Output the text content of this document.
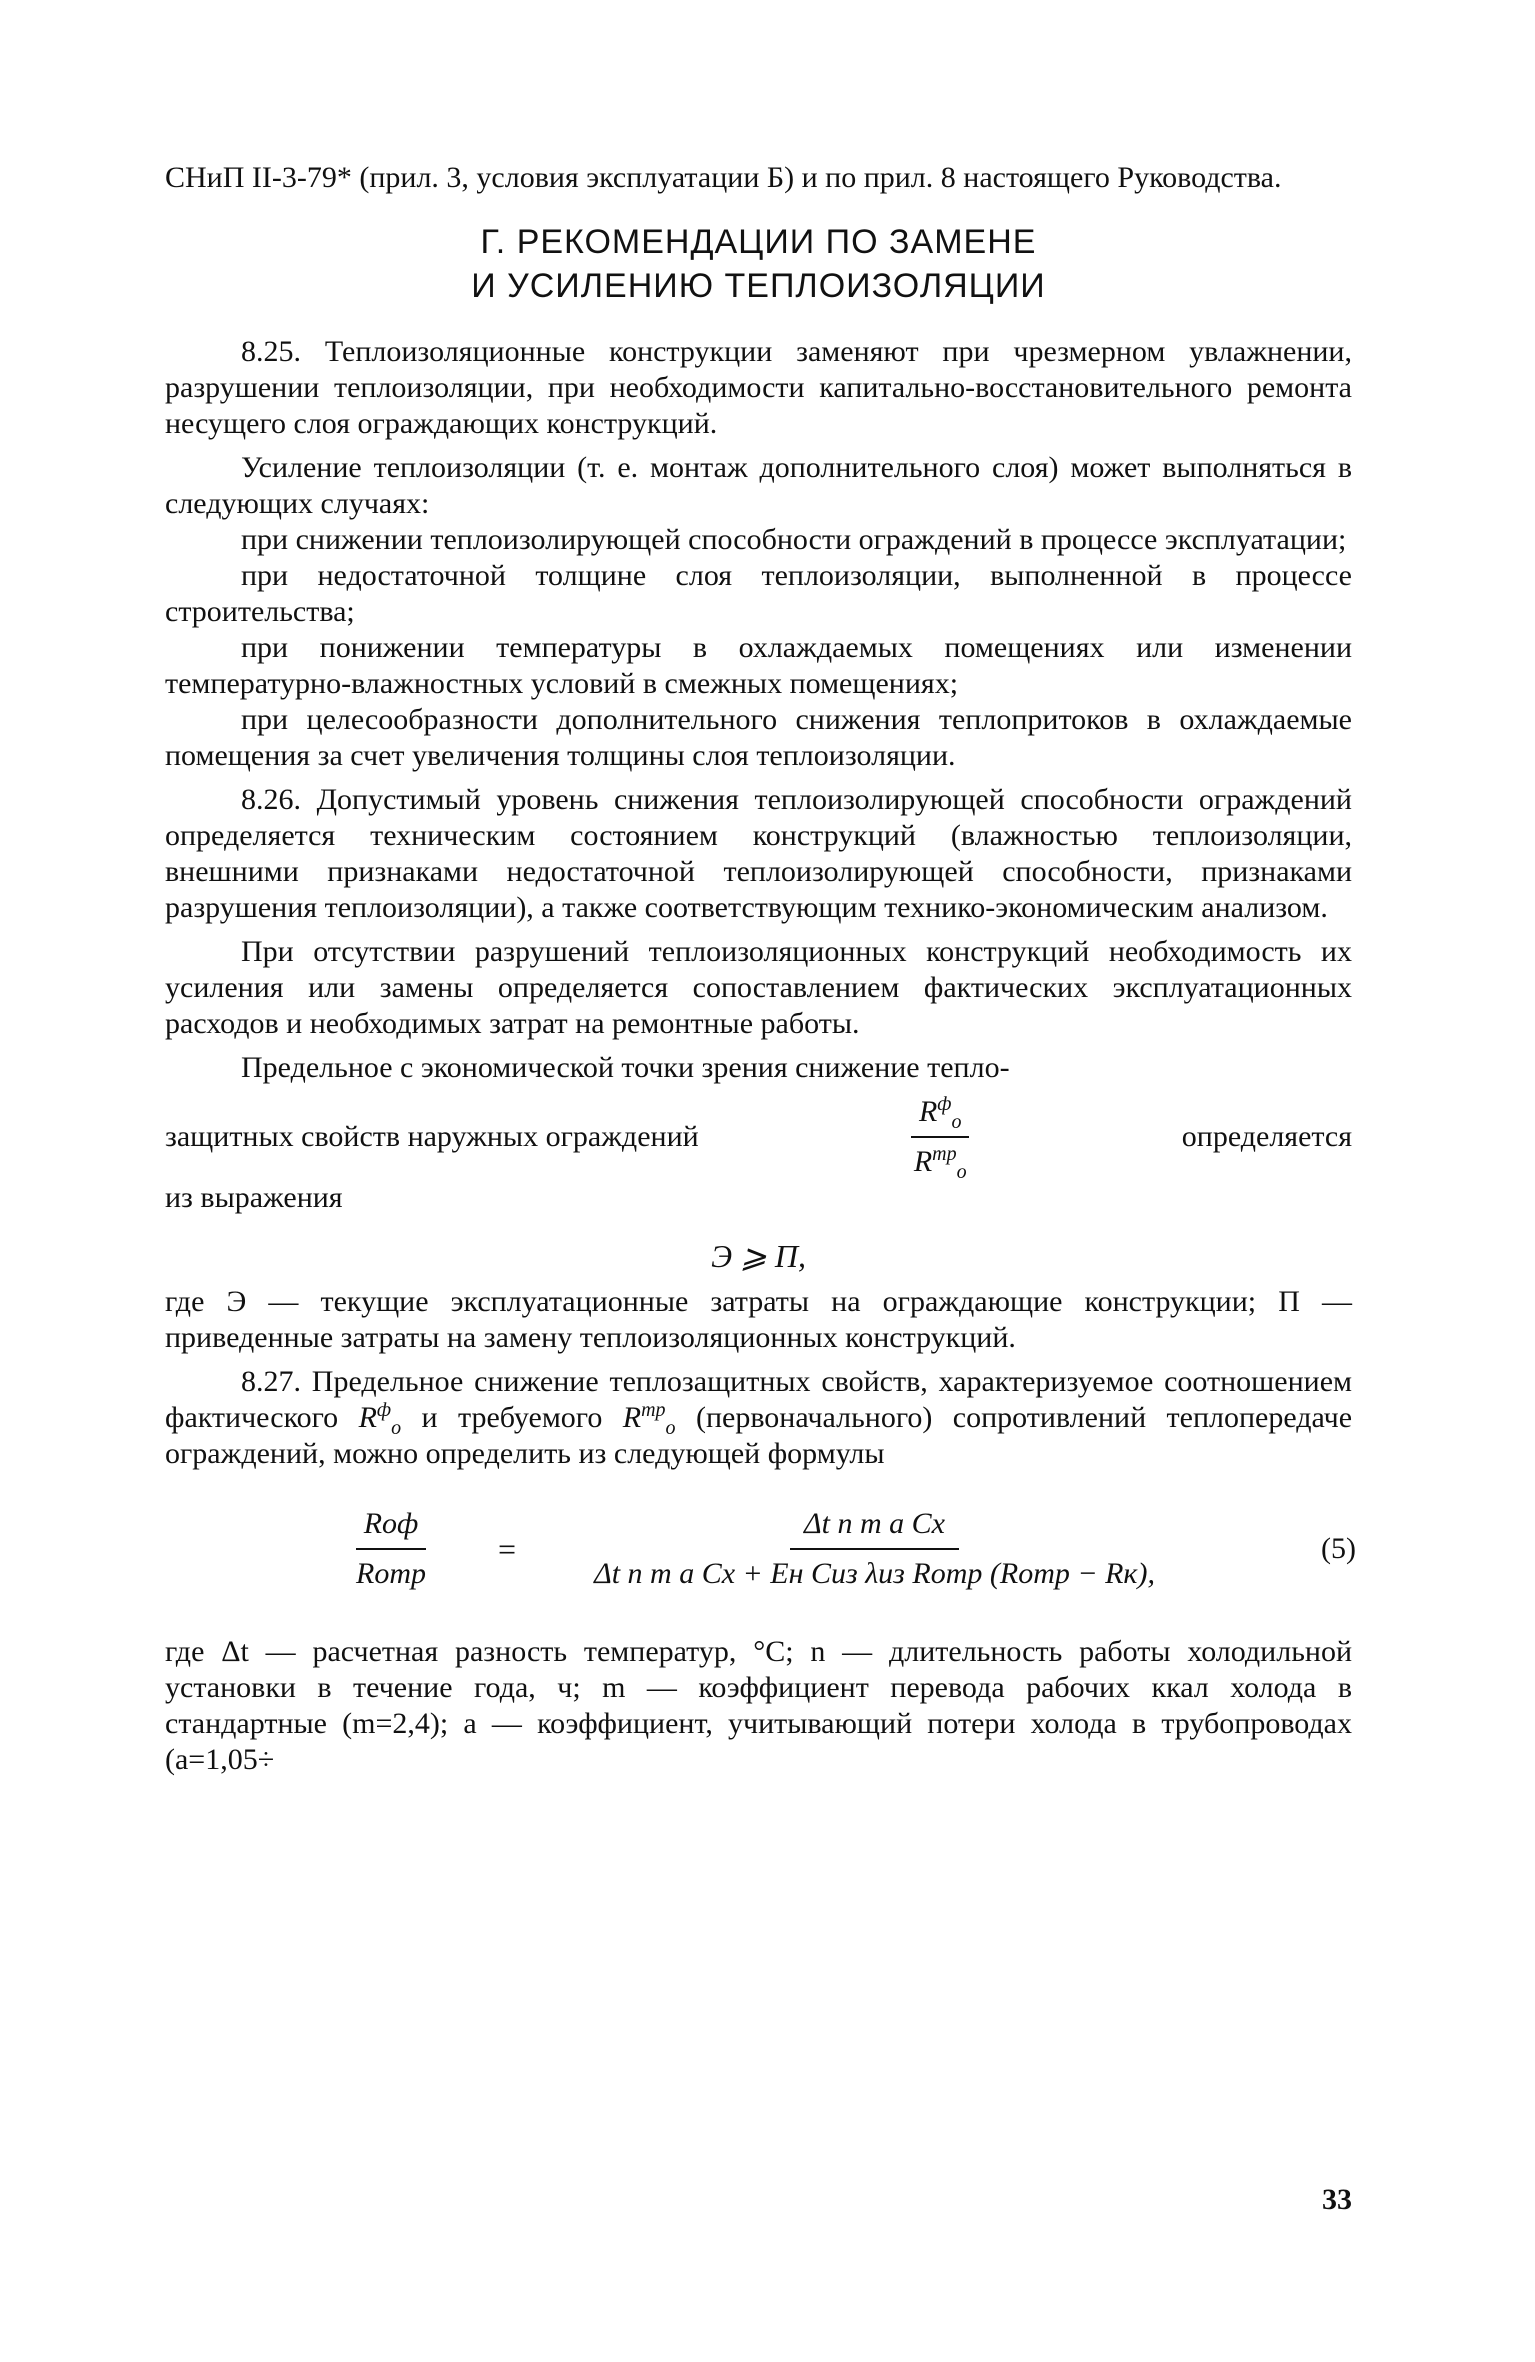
СНиП II-3-79* (прил. 3, условия эксплуатации Б) и по прил. 8 настоящего Руководства.

Г. РЕКОМЕНДАЦИИ ПО ЗАМЕНЕ
И УСИЛЕНИЮ ТЕПЛОИЗОЛЯЦИИ

8.25. Теплоизоляционные конструкции заменяют при чрезмерном увлажнении, разрушении теплоизоляции, при необходимости капитально-восстановительного ремонта несущего слоя ограждающих конструкций.

Усиление теплоизоляции (т. е. монтаж дополнительного слоя) может выполняться в следующих случаях:

при снижении теплоизолирующей способности ограждений в процессе эксплуатации;

при недостаточной толщине слоя теплоизоляции, выполненной в процессе строительства;

при понижении температуры в охлаждаемых помещениях или изменении температурно-влажностных условий в смежных помещениях;

при целесообразности дополнительного снижения теплопритоков в охлаждаемые помещения за счет увеличения толщины слоя теплоизоляции.

8.26. Допустимый уровень снижения теплоизолирующей способности ограждений определяется техническим состоянием конструкций (влажностью теплоизоляции, внешними признаками недостаточной теплоизолирующей способности, признаками разрушения теплоизоляции), а также соответствующим технико-экономическим анализом.

При отсутствии разрушений теплоизоляционных конструкций необходимость их усиления или замены определяется сопоставлением фактических эксплуатационных расходов и необходимых затрат на ремонтные работы.

Предельное с экономической точки зрения снижение тепло-

защитных свойств наружных ограждений	$\frac{R^ф_о}{R^{тр}_о}$	определяется

из выражения

Э ⩾ П,

где Э — текущие эксплуатационные затраты на ограждающие конструкции; П — приведенные затраты на замену теплоизоляционных конструкций.

8.27. Предельное снижение теплозащитных свойств, характеризуемое соотношением фактического $R^ф_о$ и требуемого $R^{тр}_о$ (первоначального) сопротивлений теплопередаче ограждений, можно определить из следующей формулы

$\frac{\text{Rоф}}{\text{Rотр}} = \frac{\text{Δt n m a Cx}}{\text{Δt n m a Cx + Eн Cиз λиз Rотр (Rотр − Rк),}}$	(5)

где Δt — расчетная разность температур, °С; n — длительность работы холодильной установки в течение года, ч; m — коэффициент перевода рабочих ккал холода в стандартные (m=2,4); a — коэффициент, учитывающий потери холода в трубопроводах (a=1,05÷

33
